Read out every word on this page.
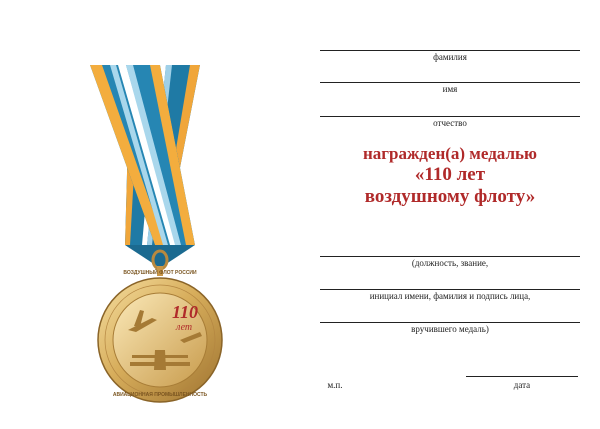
110
лет
ВОЗДУШНЫЙ ФЛОТ РОССИИ
АВИАЦИОННАЯ ПРОМЫШЛЕННОСТЬ
фамилия
имя
отчество
награжден(а) медалью
«110 лет
воздушному флоту»
(должность, звание,
инициал имени, фамилия и подпись лица,
вручившего медаль)
м.п.	дата
